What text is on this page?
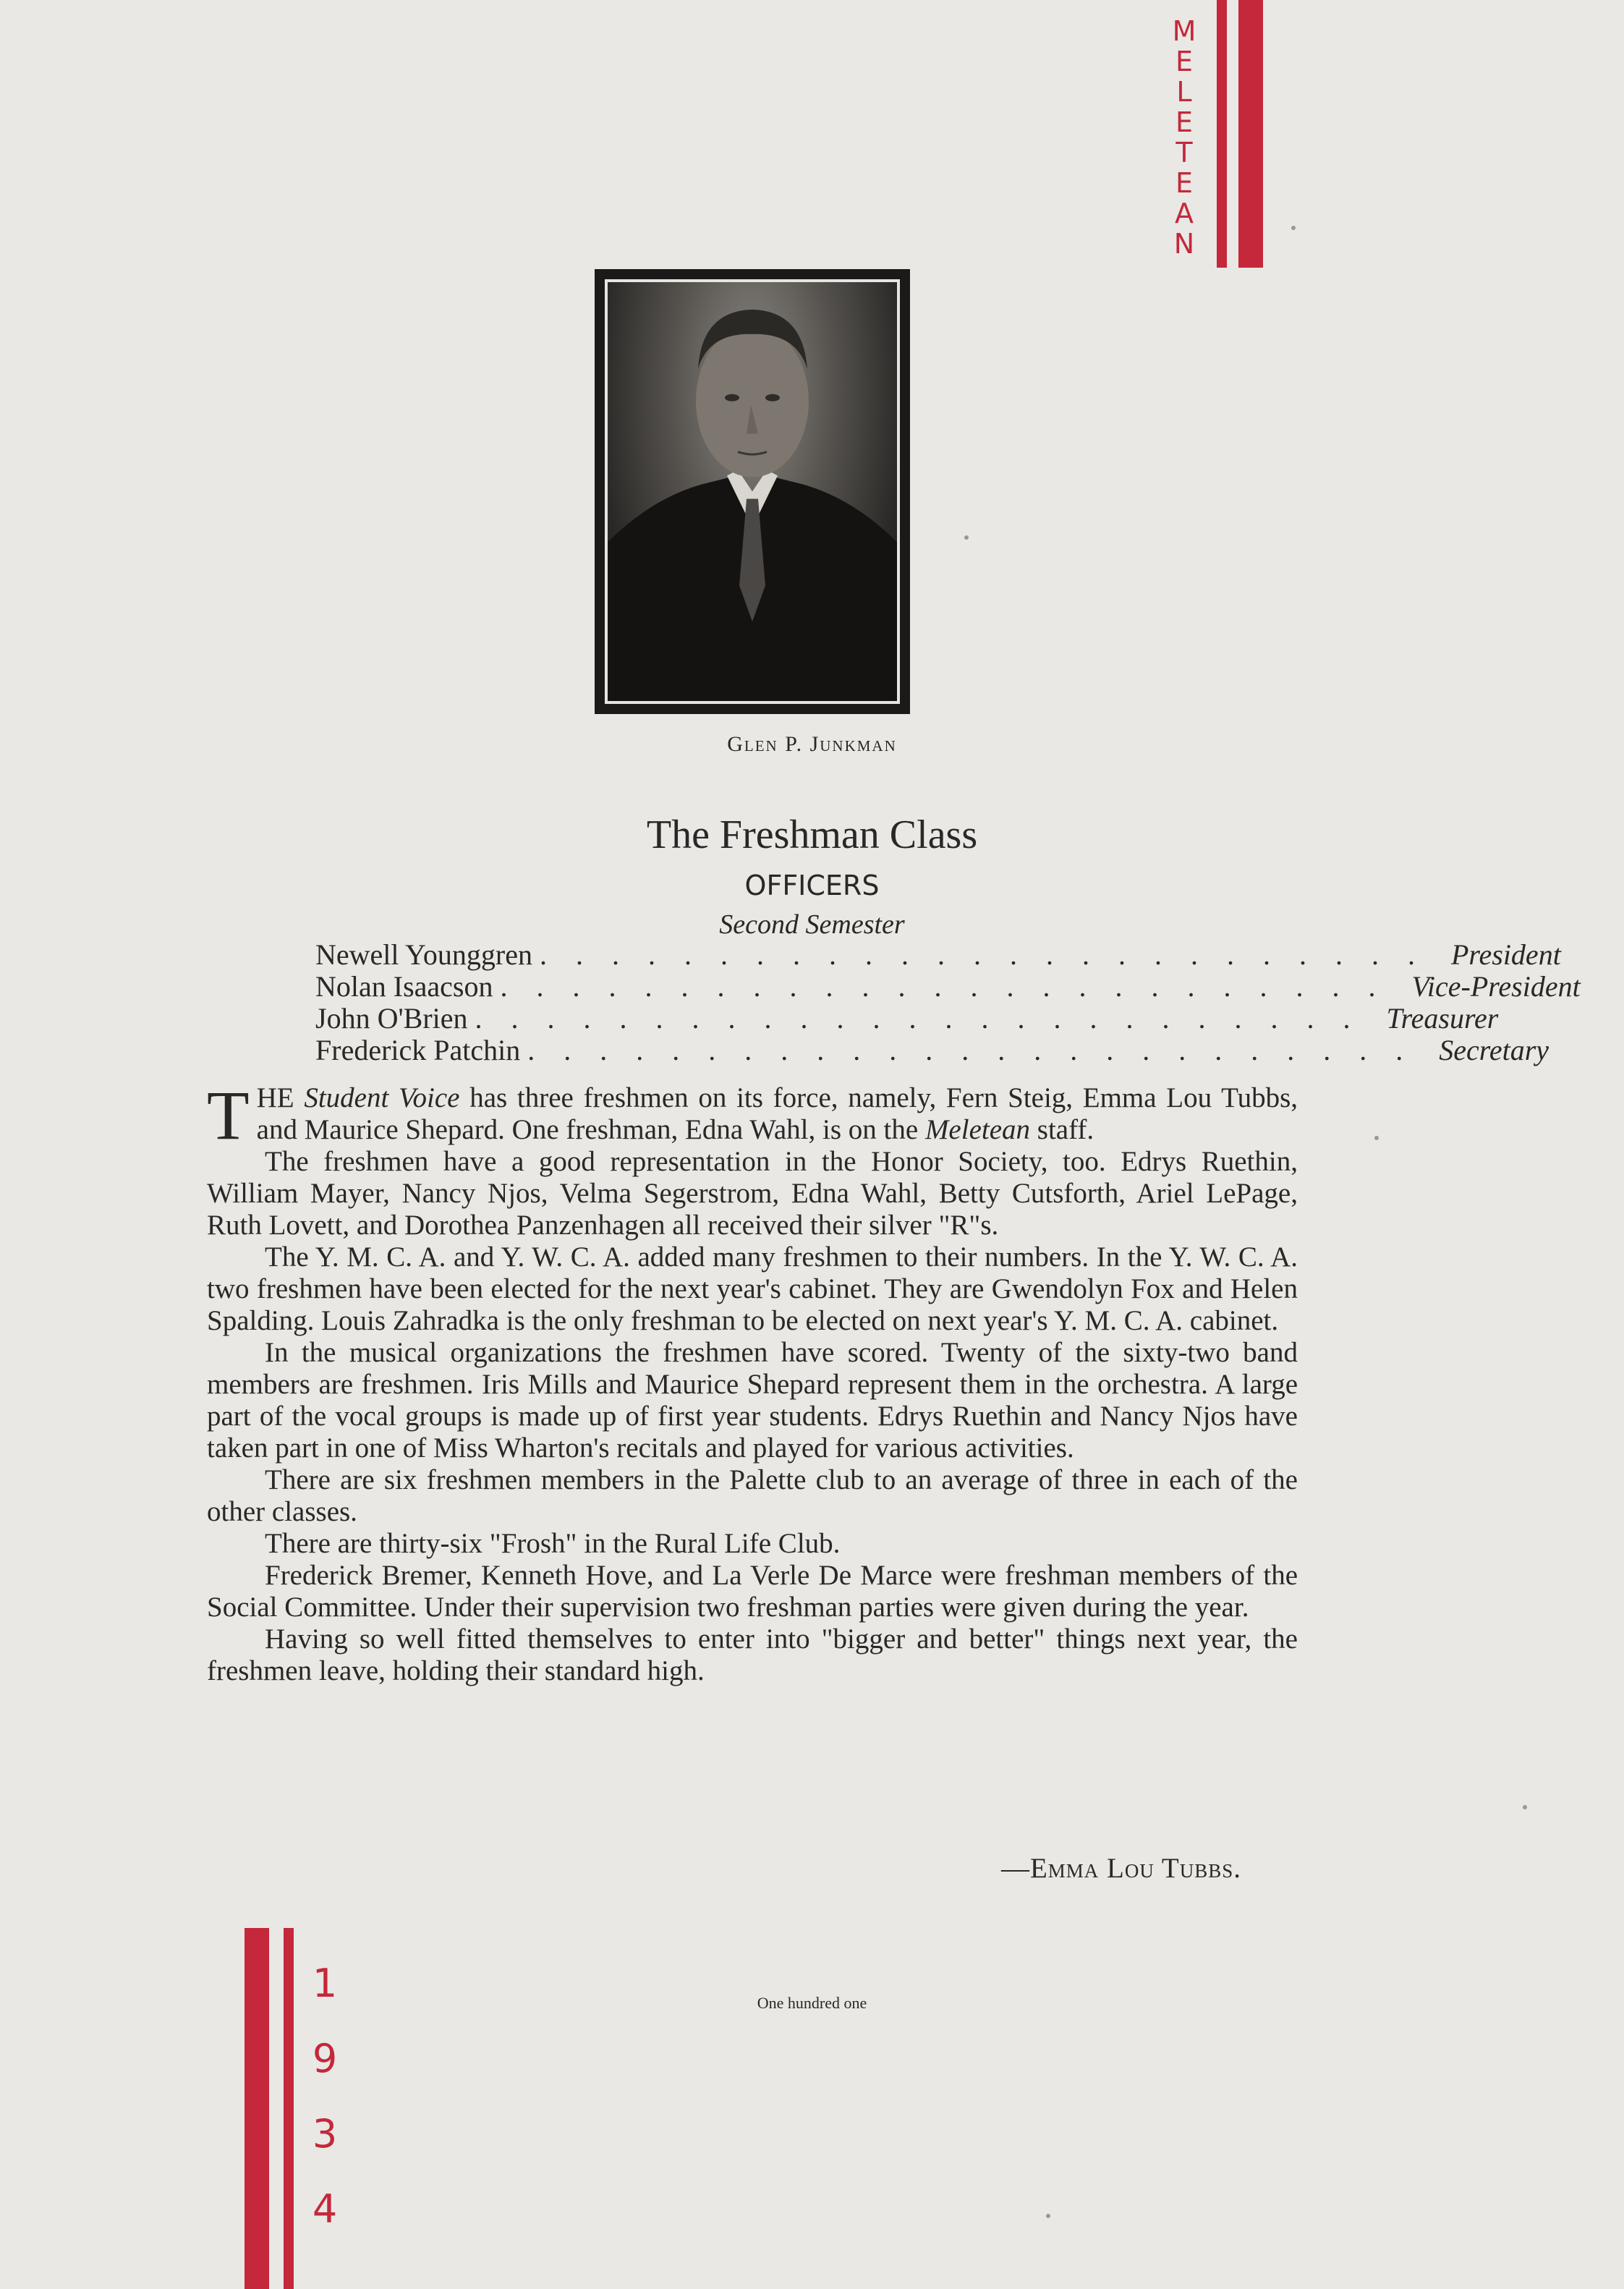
M
E
L
E
T
E
A
N
Glen P. Junkman
The Freshman Class
OFFICERS
Second Semester
Newell Younggren ......................... President
Nolan Isaacson ......................... Vice-President
John O'Brien ......................... Treasurer
Frederick Patchin ......................... Secretary

THE Student Voice has three freshmen on its force, namely, Fern Steig, Emma Lou Tubbs, and Maurice Shepard. One freshman, Edna Wahl, is on the Meletean staff.

The freshmen have a good representation in the Honor Society, too. Edrys Ruethin, William Mayer, Nancy Njos, Velma Segerstrom, Edna Wahl, Betty Cutsforth, Ariel LePage, Ruth Lovett, and Dorothea Panzenhagen all received their silver "R"s.

The Y. M. C. A. and Y. W. C. A. added many freshmen to their numbers. In the Y. W. C. A. two freshmen have been elected for the next year's cabinet. They are Gwendolyn Fox and Helen Spalding. Louis Zahradka is the only freshman to be elected on next year's Y. M. C. A. cabinet.

In the musical organizations the freshmen have scored. Twenty of the sixty-two band members are freshmen. Iris Mills and Maurice Shepard represent them in the orchestra. A large part of the vocal groups is made up of first year students. Edrys Ruethin and Nancy Njos have taken part in one of Miss Wharton's recitals and played for various activities.

There are six freshmen members in the Palette club to an average of three in each of the other classes.

There are thirty-six "Frosh" in the Rural Life Club.

Frederick Bremer, Kenneth Hove, and La Verle De Marce were freshman members of the Social Committee. Under their supervision two freshman parties were given during the year.

Having so well fitted themselves to enter into "bigger and better" things next year, the freshmen leave, holding their standard high.

—Emma Lou Tubbs.
1
9
3
4
One hundred one
